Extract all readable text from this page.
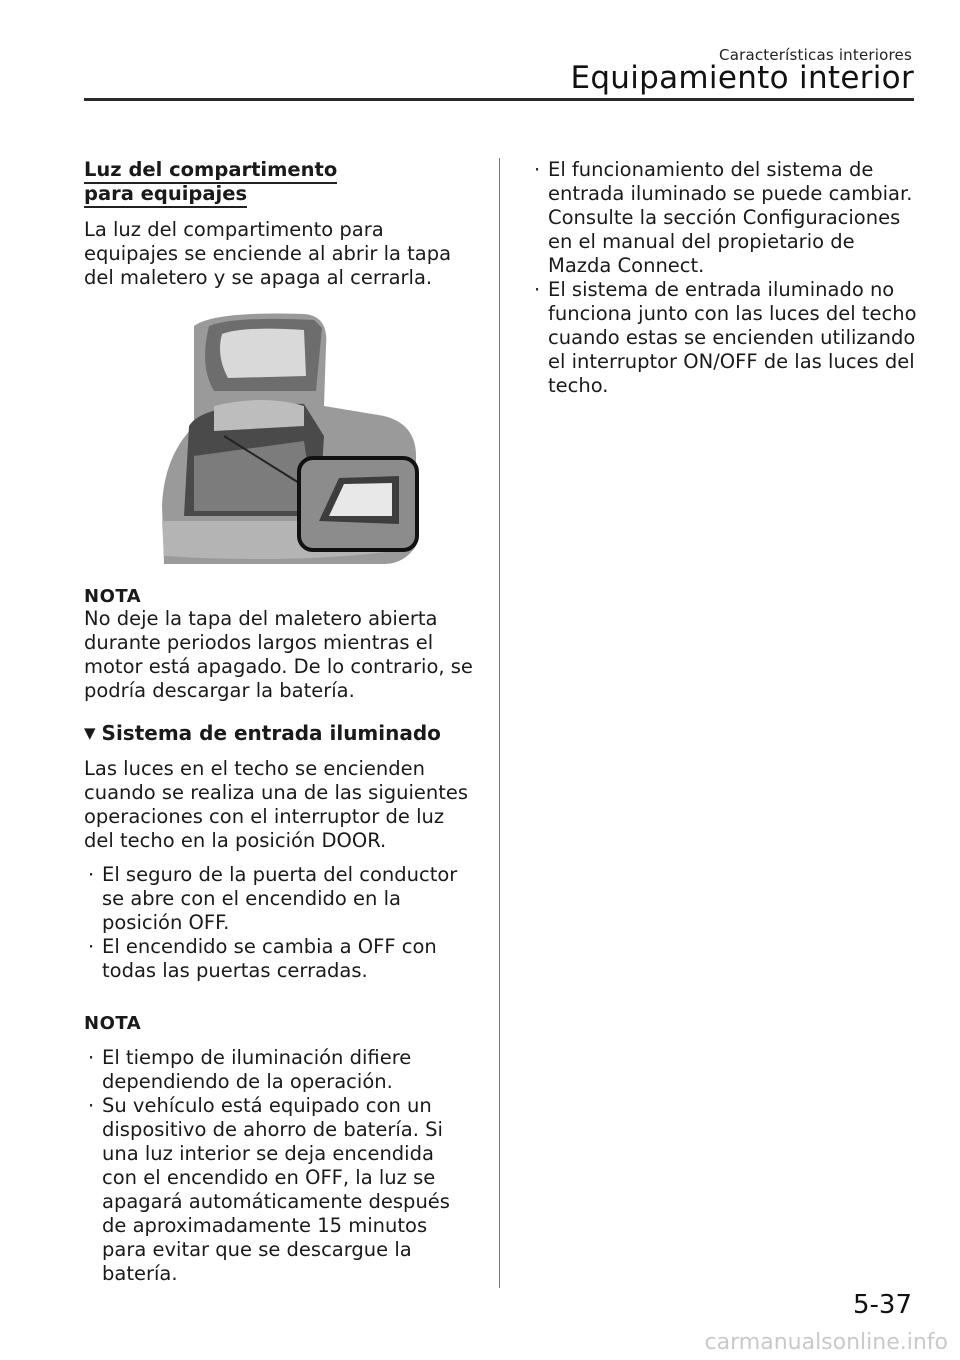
Características interiores
Equipamiento interior

Luz del compartimento para equipajes

La luz del compartimento para equipajes se enciende al abrir la tapa del maletero y se apaga al cerrarla.

NOTA

No deje la tapa del maletero abierta durante periodos largos mientras el motor está apagado. De lo contrario, se podría descargar la batería.

▼ Sistema de entrada iluminado

Las luces en el techo se encienden cuando se realiza una de las siguientes operaciones con el interruptor de luz del techo en la posición DOOR.

· El seguro de la puerta del conductor se abre con el encendido en la posición OFF.
· El encendido se cambia a OFF con todas las puertas cerradas.

NOTA

· El tiempo de iluminación difiere dependiendo de la operación.
· Su vehículo está equipado con un dispositivo de ahorro de batería. Si una luz interior se deja encendida con el encendido en OFF, la luz se apagará automáticamente después de aproximadamente 15 minutos para evitar que se descargue la batería.
· El funcionamiento del sistema de entrada iluminado se puede cambiar.
Consulte la sección Configuraciones en el manual del propietario de Mazda Connect.
· El sistema de entrada iluminado no funciona junto con las luces del techo cuando estas se encienden utilizando el interruptor ON/OFF de las luces del techo.
5-37
carmanualsonline.info
